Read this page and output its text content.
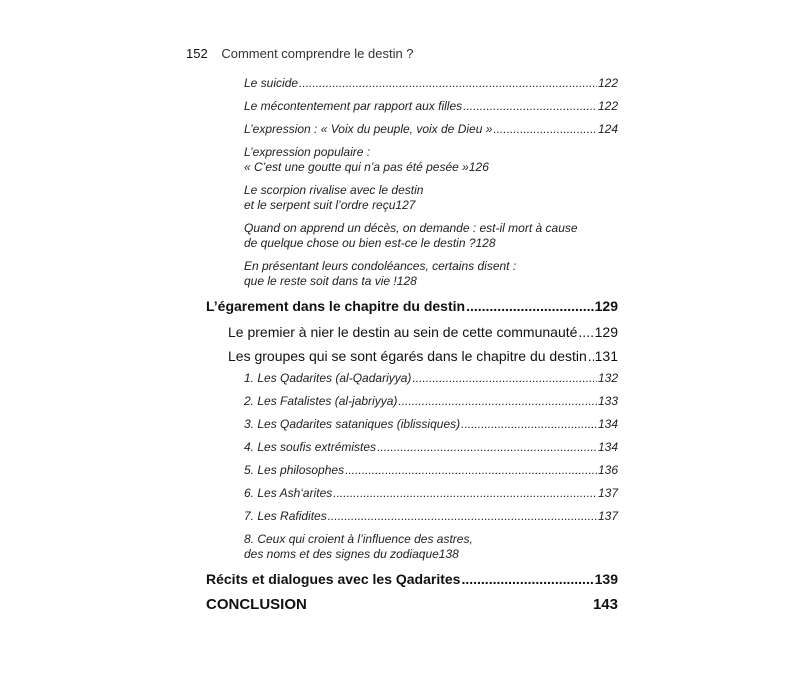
152 Comment comprendre le destin ?
Le suicide .....	122
Le mécontentement par rapport aux filles .....	122
L’expression : « Voix du peuple, voix de Dieu » .....	124
L’expression populaire :
« C’est une goutte qui n’a pas été pesée » 126
Le scorpion rivalise avec le destin
et le serpent suit l’ordre reçu 127
Quand on apprend un décès, on demande : est-il mort à cause
de quelque chose ou bien est-ce le destin ? 128
En présentant leurs condoléances, certains disent :
que le reste soit dans ta vie ! 128
L’égarement dans le chapitre du destin .....	129
Le premier à nier le destin au sein de cette communauté ..... 129
Les groupes qui se sont égarés dans le chapitre du destin ..... 131
1. Les Qadarites (al-Qadariyya) .....	132
2. Les Fatalistes (al-jabriyya) .....	133
3. Les Qadarites sataniques (iblissiques) .....	134
4. Les soufis extrémistes .....	134
5. Les philosophes .....	136
6. Les Ash‘arites .....	137
7. Les Rafidites .....	137
8. Ceux qui croient à l’influence des astres,
des noms et des signes du zodiaque 138
Récits et dialogues avec les Qadarites .....	139
CONCLUSION	143
